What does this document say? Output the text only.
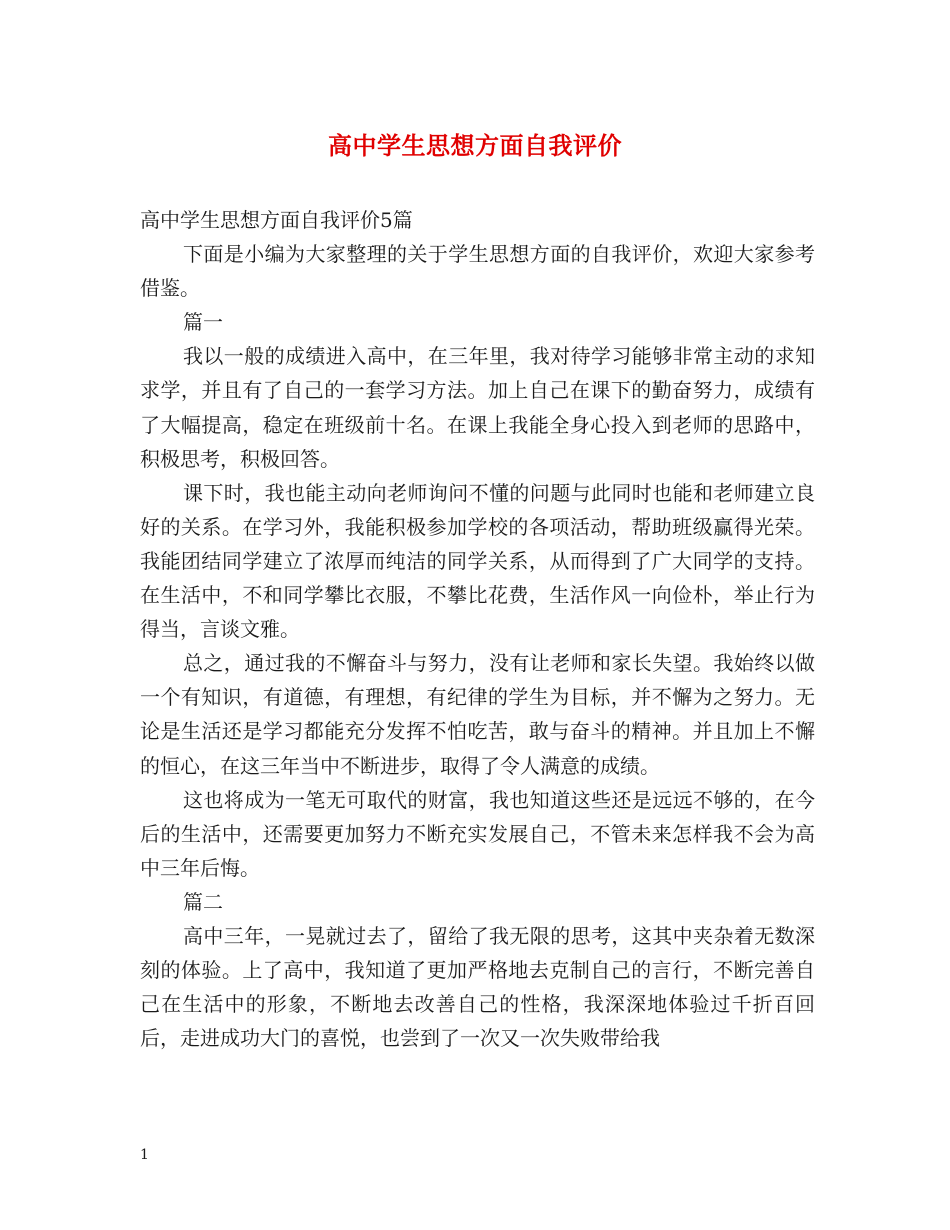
高中学生思想方面自我评价

高中学生思想方面自我评价5篇

下面是小编为大家整理的关于学生思想方面的自我评价，欢迎大家参考借鉴。

篇一

我以一般的成绩进入高中，在三年里，我对待学习能够非常主动的求知求学，并且有了自己的一套学习方法。加上自己在课下的勤奋努力，成绩有了大幅提高，稳定在班级前十名。在课上我能全身心投入到老师的思路中，积极思考，积极回答。

课下时，我也能主动向老师询问不懂的问题与此同时也能和老师建立良好的关系。在学习外，我能积极参加学校的各项活动，帮助班级赢得光荣。我能团结同学建立了浓厚而纯洁的同学关系，从而得到了广大同学的支持。在生活中，不和同学攀比衣服，不攀比花费，生活作风一向俭朴，举止行为得当，言谈文雅。

总之，通过我的不懈奋斗与努力，没有让老师和家长失望。我始终以做一个有知识，有道德，有理想，有纪律的学生为目标，并不懈为之努力。无论是生活还是学习都能充分发挥不怕吃苦，敢与奋斗的精神。并且加上不懈的恒心，在这三年当中不断进步，取得了令人满意的成绩。

这也将成为一笔无可取代的财富，我也知道这些还是远远不够的，在今后的生活中，还需要更加努力不断充实发展自己，不管未来怎样我不会为高中三年后悔。

篇二

高中三年，一晃就过去了，留给了我无限的思考，这其中夹杂着无数深刻的体验。上了高中，我知道了更加严格地去克制自己的言行，不断完善自己在生活中的形象，不断地去改善自己的性格，我深深地体验过千折百回后，走进成功大门的喜悦，也尝到了一次又一次失败带给我

1
